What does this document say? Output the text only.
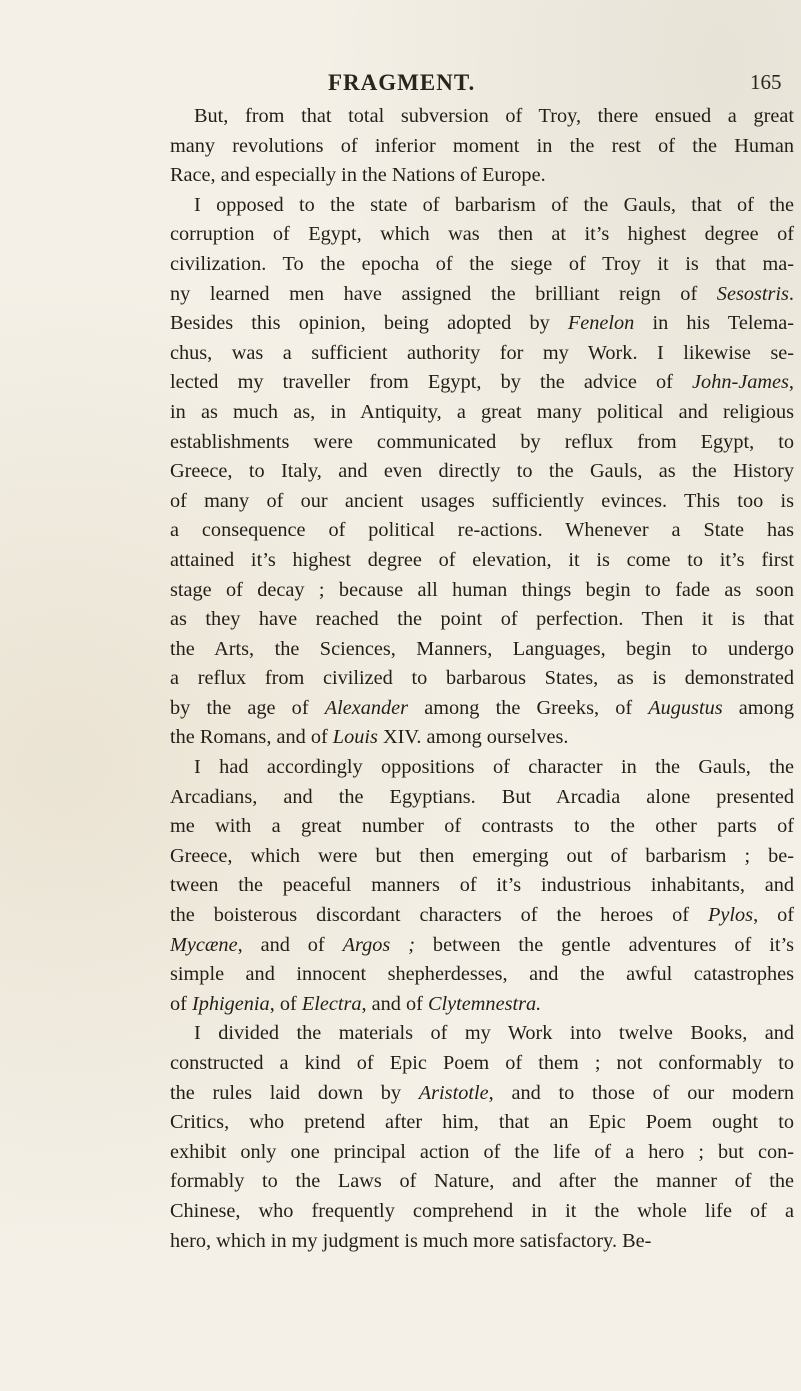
FRAGMENT.	165
But, from that total subversion of Troy, there ensued a great
many revolutions of inferior moment in the rest of the Human
Race, and especially in the Nations of Europe.
I opposed to the state of barbarism of the Gauls, that of the
corruption of Egypt, which was then at it’s highest degree of
civilization. To the epocha of the siege of Troy it is that ma-
ny learned men have assigned the brilliant reign of Sesostris.
Besides this opinion, being adopted by Fenelon in his Telema-
chus, was a sufficient authority for my Work. I likewise se-
lected my traveller from Egypt, by the advice of John-James,
in as much as, in Antiquity, a great many political and religious
establishments were communicated by reflux from Egypt, to
Greece, to Italy, and even directly to the Gauls, as the History
of many of our ancient usages sufficiently evinces. This too is
a consequence of political re-actions. Whenever a State has
attained it’s highest degree of elevation, it is come to it’s first
stage of decay ; because all human things begin to fade as soon
as they have reached the point of perfection. Then it is that
the Arts, the Sciences, Manners, Languages, begin to undergo
a reflux from civilized to barbarous States, as is demonstrated
by the age of Alexander among the Greeks, of Augustus among
the Romans, and of Louis XIV. among ourselves.
I had accordingly oppositions of character in the Gauls, the
Arcadians, and the Egyptians. But Arcadia alone presented
me with a great number of contrasts to the other parts of
Greece, which were but then emerging out of barbarism ; be-
tween the peaceful manners of it’s industrious inhabitants, and
the boisterous discordant characters of the heroes of Pylos, of
Mycæne, and of Argos ; between the gentle adventures of it’s
simple and innocent shepherdesses, and the awful catastrophes
of Iphigenia, of Electra, and of Clytemnestra.
I divided the materials of my Work into twelve Books, and
constructed a kind of Epic Poem of them ; not conformably to
the rules laid down by Aristotle, and to those of our modern
Critics, who pretend after him, that an Epic Poem ought to
exhibit only one principal action of the life of a hero ; but con-
formably to the Laws of Nature, and after the manner of the
Chinese, who frequently comprehend in it the whole life of a
hero, which in my judgment is much more satisfactory. Be-
